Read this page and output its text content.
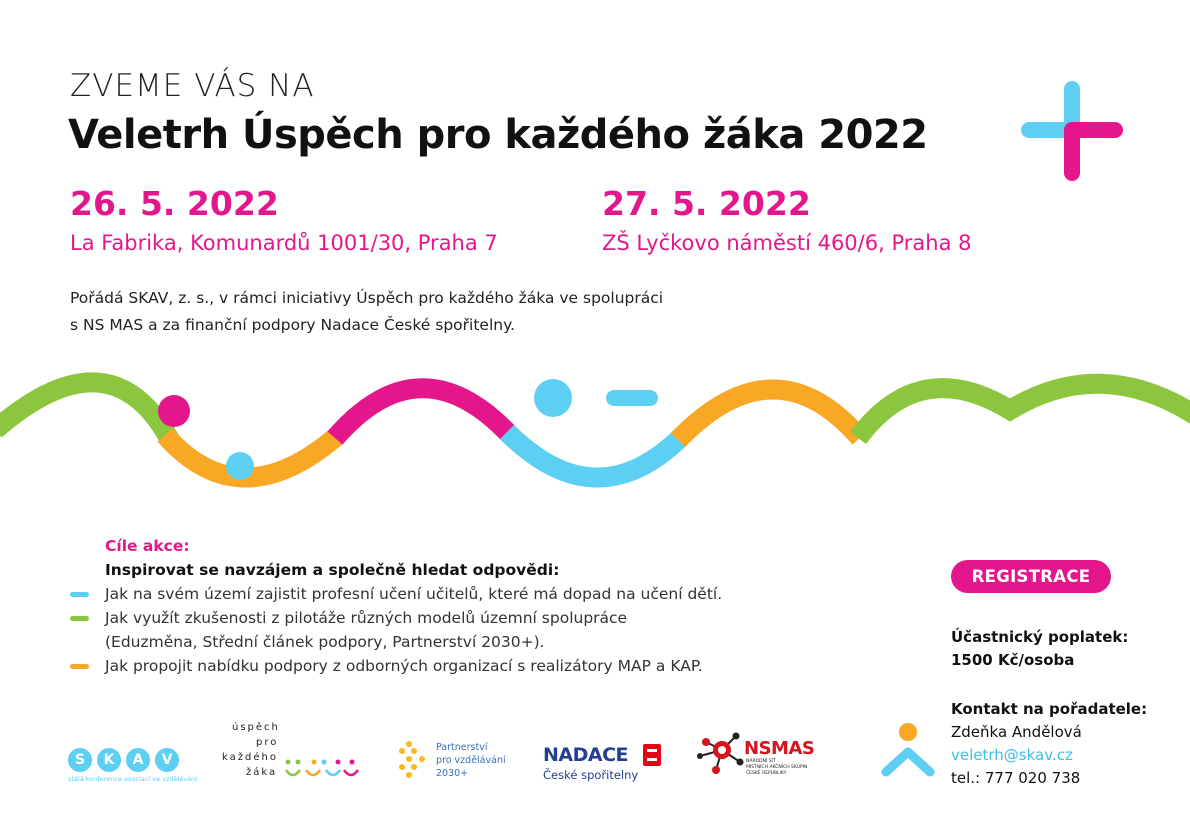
ZVEME VÁS NA
Veletrh Úspěch pro každého žáka 2022
26. 5. 2022
La Fabrika, Komunardů 1001/30, Praha 7
27. 5. 2022
ZŠ Lyčkovo náměstí 460/6, Praha 8
Pořádá SKAV, z. s., v rámci iniciativy Úspěch pro každého žáka ve spolupráci
s NS MAS a za finanční podpory Nadace České spořitelny.
Cíle akce:
Inspirovat se navzájem a společně hledat odpovědi:
Jak na svém území zajistit profesní učení učitelů, které má dopad na učení dětí.
Jak využít zkušenosti z pilotáže různých modelů územní spolupráce
(Eduzměna, Střední článek podpory, Partnerství 2030+).
Jak propojit nabídku podpory z odborných organizací s realizátory MAP a KAP.
REGISTRACE
Účastnický poplatek:
1500 Kč/osoba
Kontakt na pořadatele:
Zdeňka Andělová
veletrh@skav.cz
tel.: 777 020 738
S	K	A	V
stálá konference asociací ve vzdělávání
úspěch
pro
každého
žáka
Partnerství
pro vzdělávání
2030+
NADACE
České spořitelny
NSMAS
NÁRODNÍ SÍŤ
MÍSTNÍCH AKČNÍCH SKUPIN
ČESKÉ REPUBLIKY
